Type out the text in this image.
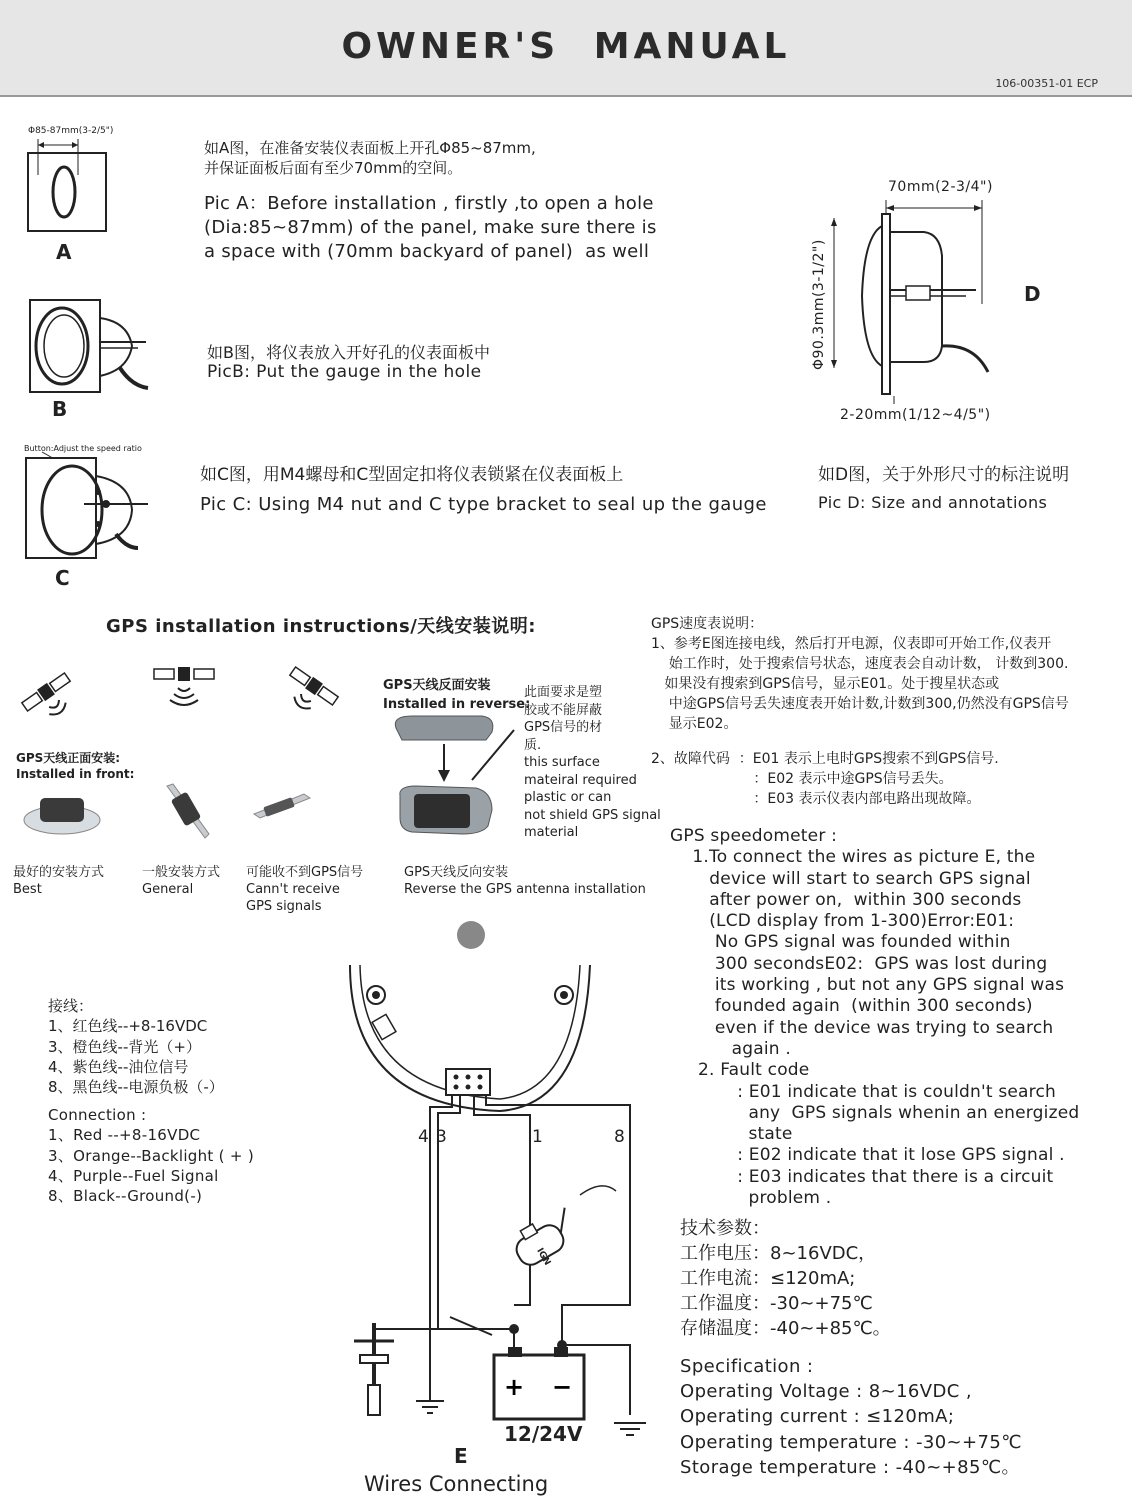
OWNER'S MANUAL
106-00351-01 ECP
Φ85-87mm(3-2/5")
A
如A图，在准备安装仪表面板上开孔Φ85~87mm,
并保证面板后面有至少70mm的空间。
Pic A：Before installation , firstly ,to open a hole
(Dia:85~87mm) of the panel, make sure there is
a space with (70mm backyard of panel)  as well
B
如B图，将仪表放入开好孔的仪表面板中
PicB: Put the gauge in the hole
Button:Adjust the speed ratio
C
如C图，用M4螺母和C型固定扣将仪表锁紧在仪表面板上
Pic C: Using M4 nut and C type bracket to seal up the gauge
70mm(2-3/4")
Φ90.3mm(3-1/2")	D
2-20mm(1/12~4/5")
如D图，关于外形尺寸的标注说明
Pic D: Size and annotations
GPS installation instructions/天线安装说明:
GPS天线正面安装:
Installed in front:
最好的安装方式
Best
一般安装方式
General
可能收不到GPS信号
Cann't receive
GPS signals
GPS天线反面安装
Installed in reverse:
此面要求是塑
胶或不能屏蔽
GPS信号的材
质.
this surface
mateiral required
plastic or can
not shield GPS signal
material
GPS天线反向安装
Reverse the GPS antenna installation
GPS速度表说明：
1、参考E图连接电线，然后打开电源，仪表即可开始工作,仪表开
始工作时，处于搜索信号状态，速度表会自动计数， 计数到300.
如果没有搜索到GPS信号，显示E01。处于搜星状态或
中途GPS信号丢失速度表开始计数,计数到300,仍然没有GPS信号
显示E02。
2、故障代码  ：E01 表示上电时GPS搜索不到GPS信号.
：E02 表示中途GPS信号丢失。
：E03 表示仪表内部电路出现故障。
GPS speedometer :
1.To connect the wires as picture E, the
device will start to search GPS signal
after power on,  within 300 seconds
(LCD display from 1-300)Error:E01:
No GPS signal was founded within
300 secondsE02:  GPS was lost during
its working , but not any GPS signal was
founded again  (within 300 seconds)
even if the device was trying to search
again .
2. Fault code
: E01 indicate that is couldn't search
any  GPS signals whenin an energized
state
: E02 indicate that it lose GPS signal .
: E03 indicates that there is a circuit
problem .
接线：
1、红色线--+8-16VDC
3、橙色线--背光（+）
4、紫色线--油位信号
8、黑色线--电源负极（-）
Connection :
1、Red --+8-16VDC
3、Orange--Backlight ( + )
4、Purple--Fuel Signal
8、Black--Ground(-)
+ −
4 3	1	8
IGN
12/24V
E
Wires Connecting
技术参数：
工作电压：8~16VDC，
工作电流：≤120mA;
工作温度：-30~+75℃
存储温度：-40~+85℃。
Specification :
Operating Voltage : 8~16VDC ,
Operating current : ≤120mA;
Operating temperature : -30~+75℃
Storage temperature : -40~+85℃。
